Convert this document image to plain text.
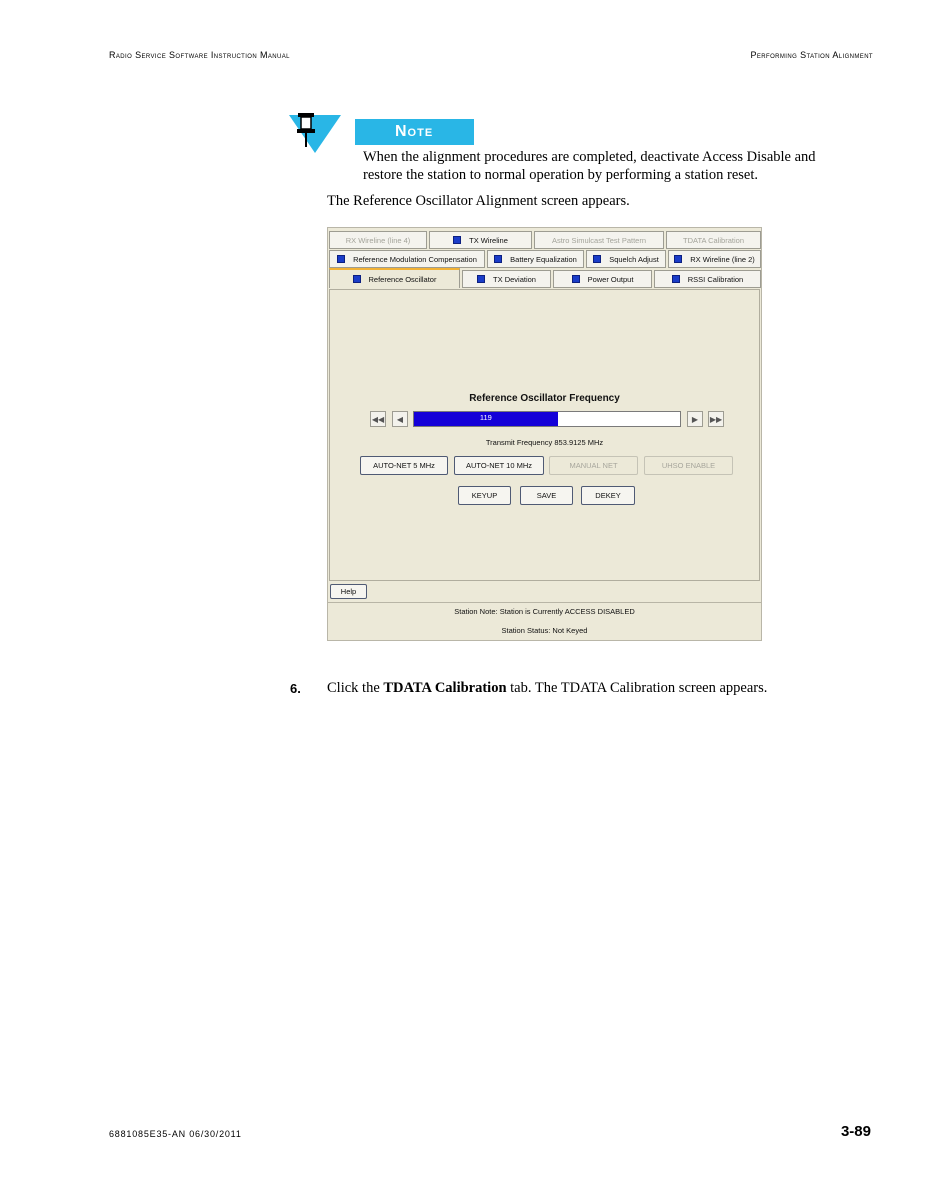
Radio Service Software Instruction Manual	Performing Station Alignment
Note
When the alignment procedures are completed, deactivate Access Disable and restore the station to normal operation by performing a station reset.
The Reference Oscillator Alignment screen appears.
RX Wireline (line 4)	TX Wireline	Astro Simulcast Test Pattern	TDATA Calibration
Reference Modulation Compensation	Battery Equalization	Squelch Adjust	RX Wireline (line 2)
Reference Oscillator	TX Deviation	Power Output	RSSI Calibration
Reference Oscillator Frequency
◀◀	◀	119	▶	▶▶
Transmit Frequency 853.9125 MHz
AUTO-NET 5 MHz	AUTO-NET 10 MHz	MANUAL NET	UHSO ENABLE
KEYUP	SAVE	DEKEY
Help
Station Note: Station is Currently ACCESS DISABLED
Station Status: Not Keyed
6. Click the TDATA Calibration tab. The TDATA Calibration screen appears.
6881085E35-AN 06/30/2011	3-89
